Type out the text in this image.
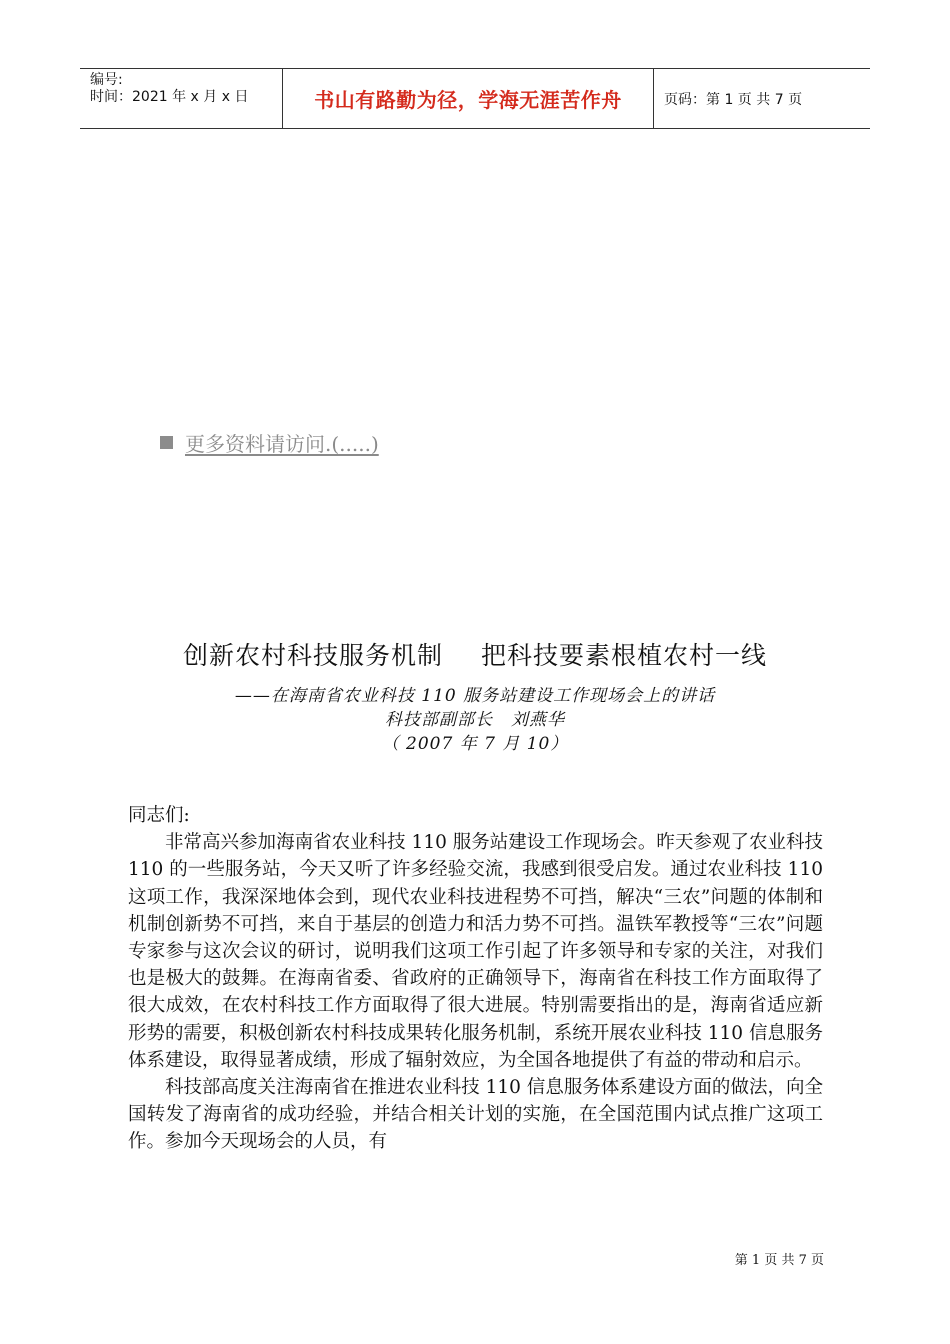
编号:
时间：2021 年 x 月 x 日	书山有路勤为径，学海无涯苦作舟	页码：第 1 页 共 7 页
更多资料请访问.(.....)
创新农村科技服务机制 把科技要素根植农村一线
——在海南省农业科技 110 服务站建设工作现场会上的讲话
科技部副部长　刘燕华
（ 2007 年 7 月 10）

同志们:

非常高兴参加海南省农业科技 110 服务站建设工作现场会。昨天参观了农业科技 110 的一些服务站，今天又听了许多经验交流，我感到很受启发。通过农业科技 110 这项工作，我深深地体会到，现代农业科技进程势不可挡，解决“三农”问题的体制和机制创新势不可挡，来自于基层的创造力和活力势不可挡。温铁军教授等“三农”问题专家参与这次会议的研讨，说明我们这项工作引起了许多领导和专家的关注，对我们也是极大的鼓舞。在海南省委、省政府的正确领导下，海南省在科技工作方面取得了很大成效，在农村科技工作方面取得了很大进展。特别需要指出的是，海南省适应新形势的需要，积极创新农村科技成果转化服务机制，系统开展农业科技 110 信息服务体系建设，取得显著成绩，形成了辐射效应，为全国各地提供了有益的带动和启示。

科技部高度关注海南省在推进农业科技 110 信息服务体系建设方面的做法，向全国转发了海南省的成功经验，并结合相关计划的实施，在全国范围内试点推广这项工作。参加今天现场会的人员，有

第 1 页 共 7 页
